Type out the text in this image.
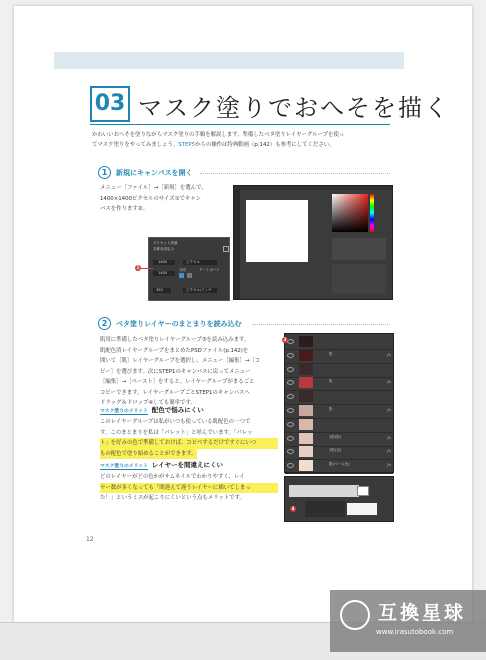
03 マスク塗りでおへそを描く
かわいいおへそを塗りながらマスク塗りの手順を解説します。準備したベタ塗りレイヤーグループを使っ
てマスク塗りをやってみましょう。STEP5からの操作は特典動画（p.142）も参考にしてください。
1	新規にキャンバスを開く
メニュー［ファイル］→［新規］を選んで、
1400×1400ピクセルのサイズ①でキャン
バスを作ります②。
プリセット詳細
名称未設定-1
1400	ピクセル
1400
方向	アートボード
350	ピクセル/インチ
1
2	ベタ塗りレイヤーのまとまりを読み込む
肌用に準備したベタ塗りレイヤーグループ③を読み込みます。
肌配色済レイヤーグループをまとめたPSDファイル(p.142)を
開いて［肌］レイヤーグループを選択し、メニュー［編集］→［コ
ピー］を選びます。次にSTEP1のキャンバスに戻ってメニュー
［編集］→［ペースト］をすると、レイヤーグループがまるごと
コピーできます。レイヤーグループごとSTEP1のキャンバスへ
ドラッグ＆ドロップ④しても簡単です。
マスク塗りのメリット 配色で悩みにくい
このレイヤーグループは私がいつも使っている肌配色の一つで
す。このまとまりを私は「パレット」と呼んでいます。「パレッ
ト」を好みの色で準備しておけば、コピペするだけですぐにいつ
もの配色で塗り始めることができます。
マスク塗りのメリット レイヤーを間違えにくい
どのレイヤーがどの色かがサムネイルでわかりやすく、レイ
ヤー数が多くなっても「間違えて違うレイヤーに描いてしまっ
た！」というミスが起こりにくいという点もメリットです。
影	fx
影	fx
影	fx
1影(影)	fx
1影(光)	fx
肌(ベース色)	fx
3
4
12
互換星球
www.irasutobook.com
